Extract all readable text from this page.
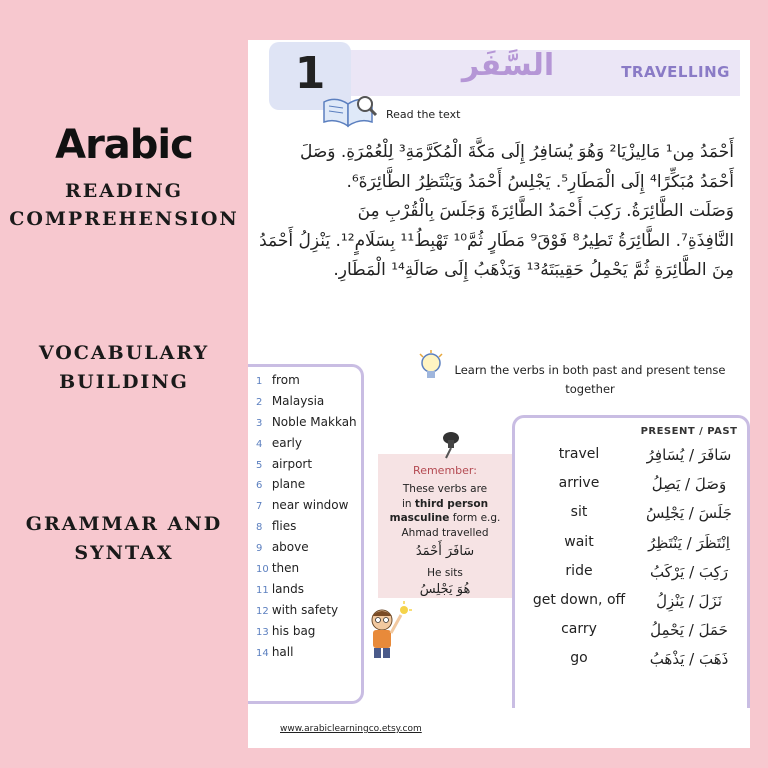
Arabic
READING
COMPREHENSION
VOCABULARY
BUILDING
GRAMMAR AND
SYNTAX
1	السَّفَر	TRAVELLING
Read the text
أَحْمَدُ مِن¹ مَالِيزْيَا² وَهُوَ يُسَافِرُ إِلَى مَكَّةَ الْمُكَرَّمَةِ³ لِلْعُمْرَةِ. وَصَلَ
أَحْمَدُ مُبَكِّرًا⁴ إِلَى الْمَطَارِ⁵. يَجْلِسُ أَحْمَدُ وَيَنْتَظِرُ الطَّائِرَةَ⁶.
وَصَلَت الطَّائِرَةُ. رَكِبَ أَحْمَدُ الطَّائِرَةَ وَجَلَسَ بِالْقُرْبِ مِنَ
النَّافِذَةِ⁷. الطَّائِرَةُ تَطِيرُ⁸ فَوْقَ⁹ مَطَارٍ ثُمَّ¹⁰ تَهْبِطُ¹¹ بِسَلَامٍ¹². يَنْزِلُ أَحْمَدُ
مِنَ الطَّائِرَةِ ثُمَّ يَحْمِلُ حَقِيبَتَهُ¹³ وَيَذْهَبُ إِلَى صَالَةِ¹⁴ الْمَطَارِ.
Learn the verbs in both past and present tense together
1 from
2 Malaysia
3 Noble Makkah
4 early
5 airport
6 plane
7 near window
8 flies
9 above
10 then
11 lands
12 with safety
13 his bag
14 hall
Remember:
These verbs are
in third person
masculine form e.g.
Ahmad travelled
سَافَرَ أَحْمَدُ
He sits
هُوَ يَجْلِسُ
PRESENT / PAST
travel	سَافَرَ / يُسَافِرُ
arrive	وَصَلَ / يَصِلُ
sit	جَلَسَ / يَجْلِسُ
wait	اِنْتَظَرَ / يَنْتَظِرُ
ride	رَكِبَ / يَرْكَبُ
get down, off	نَزَلَ / يَنْزِلُ
carry	حَمَلَ / يَحْمِلُ
go	ذَهَبَ / يَذْهَبُ
www.arabiclearningco.etsy.com
